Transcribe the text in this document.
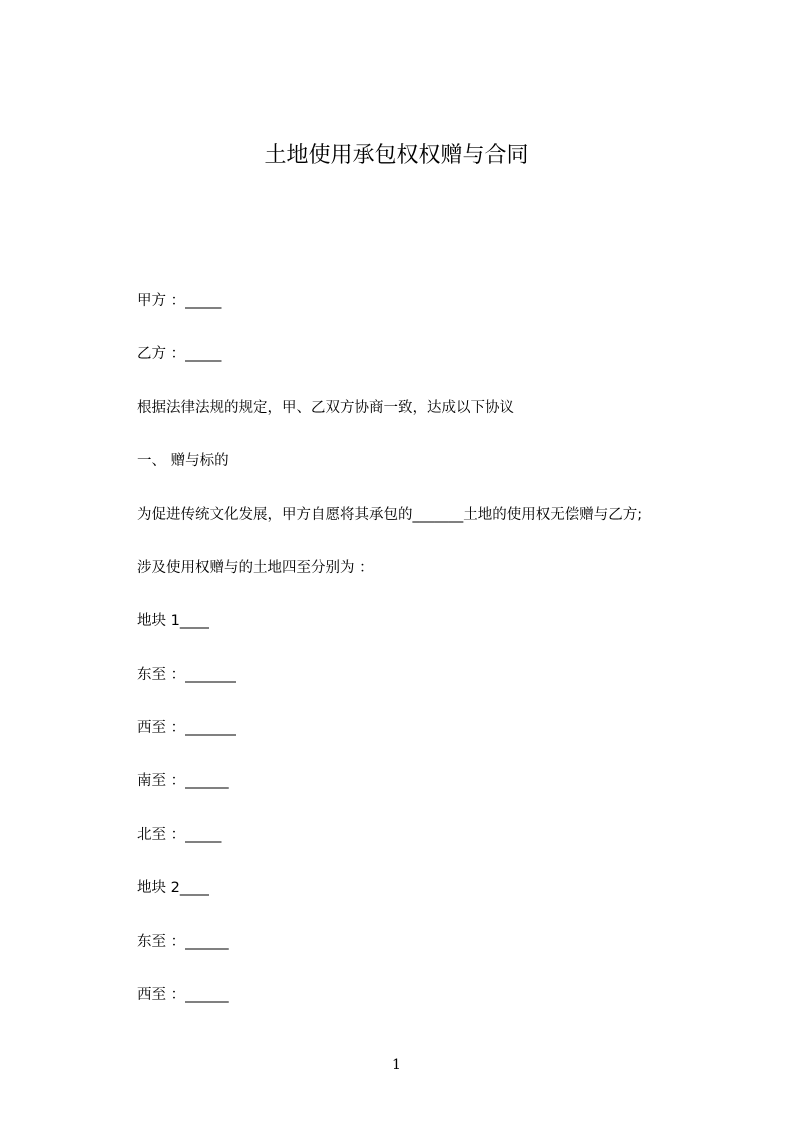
土地使用承包权权赠与合同
甲方 ：_____
乙方 ：_____
根据法律法规的规定，甲、乙双方协商一致，达成以下协议
一、 赠与标的
为促进传统文化发展，甲方自愿将其承包的_______土地的使用权无偿赠与乙方;
涉及使用权赠与的土地四至分别为 ：
地块 1____
东至 ：_______
西至 ：_______
南至 ：______
北至 ：_____
地块 2____
东至 ：______
西至 ：______
1
